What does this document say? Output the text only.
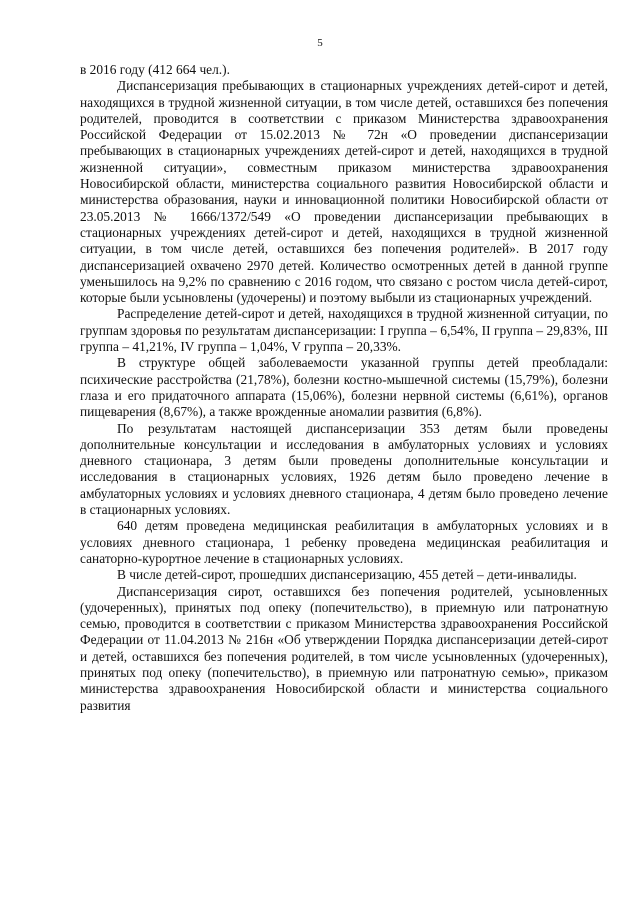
5

в 2016 году (412 664 чел.).

Диспансеризация пребывающих в стационарных учреждениях детей-сирот и детей, находящихся в трудной жизненной ситуации, в том числе детей, оставшихся без попечения родителей, проводится в соответствии с приказом Министерства здравоохранения Российской Федерации от 15.02.2013 № 72н «О проведении диспансеризации пребывающих в стационарных учреждениях детей-сирот и детей, находящихся в трудной жизненной ситуации», совместным приказом министерства здравоохранения Новосибирской области, министерства социального развития Новосибирской области и министерства образования, науки и инновационной политики Новосибирской области от 23.05.2013 № 1666/1372/549 «О проведении диспансеризации пребывающих в стационарных учреждениях детей-сирот и детей, находящихся в трудной жизненной ситуации, в том числе детей, оставшихся без попечения родителей». В 2017 году диспансеризацией охвачено 2970 детей. Количество осмотренных детей в данной группе уменьшилось на 9,2% по сравнению с 2016 годом, что связано с ростом числа детей-сирот, которые были усыновлены (удочерены) и поэтому выбыли из стационарных учреждений.

Распределение детей-сирот и детей, находящихся в трудной жизненной ситуации, по группам здоровья по результатам диспансеризации: I группа – 6,54%, II группа – 29,83%, III группа – 41,21%, IV группа – 1,04%, V группа – 20,33%.

В структуре общей заболеваемости указанной группы детей преобладали: психические расстройства (21,78%), болезни костно-мышечной системы (15,79%), болезни глаза и его придаточного аппарата (15,06%), болезни нервной системы (6,61%), органов пищеварения (8,67%), а также врожденные аномалии развития (6,8%).

По результатам настоящей диспансеризации 353 детям были проведены дополнительные консультации и исследования в амбулаторных условиях и условиях дневного стационара, 3 детям были проведены дополнительные консультации и исследования в стационарных условиях, 1926 детям было проведено лечение в амбулаторных условиях и условиях дневного стационара, 4 детям было проведено лечение в стационарных условиях.

640 детям проведена медицинская реабилитация в амбулаторных условиях и в условиях дневного стационара, 1 ребенку проведена медицинская реабилитация и санаторно-курортное лечение в стационарных условиях.

В числе детей-сирот, прошедших диспансеризацию, 455 детей – дети-инвалиды.

Диспансеризация сирот, оставшихся без попечения родителей, усыновленных (удочеренных), принятых под опеку (попечительство), в приемную или патронатную семью, проводится в соответствии с приказом Министерства здравоохранения Российской Федерации от 11.04.2013 № 216н «Об утверждении Порядка диспансеризации детей-сирот и детей, оставшихся без попечения родителей, в том числе усыновленных (удочеренных), принятых под опеку (попечительство), в приемную или патронатную семью», приказом министерства здравоохранения Новосибирской области и министерства социального развития
